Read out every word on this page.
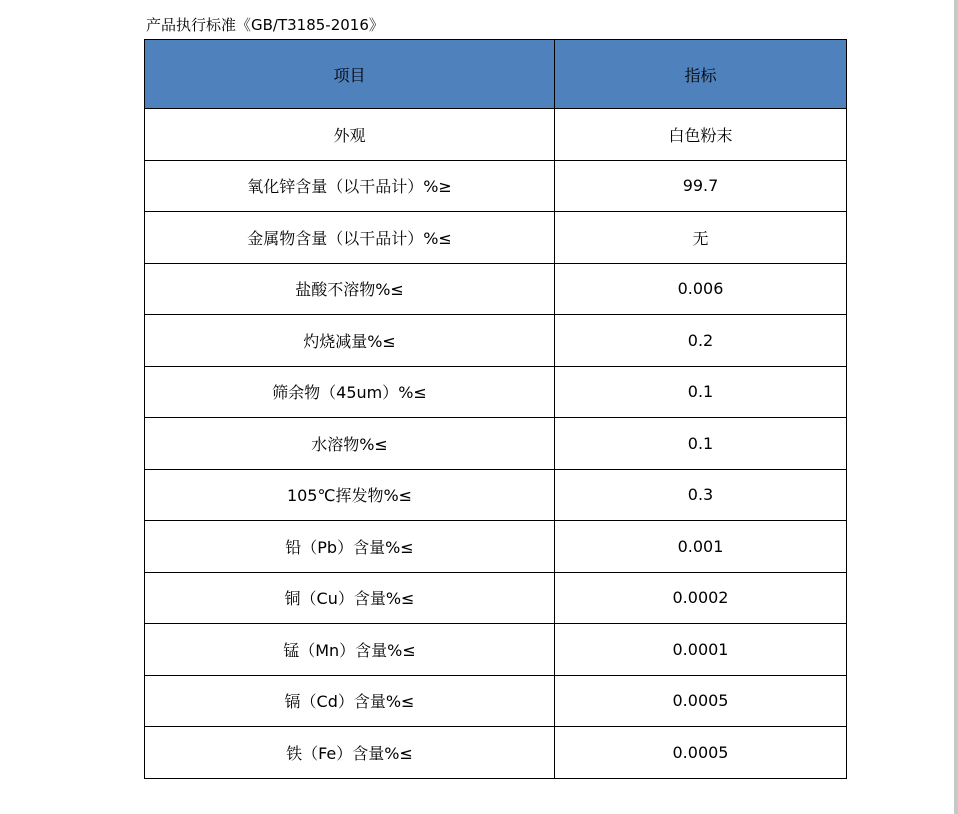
产品执行标准《GB/T3185-2016》
项目	指标
外观	白色粉末
氧化锌含量（以干品计）%≥	99.7
金属物含量（以干品计）%≤	无
盐酸不溶物%≤	0.006
灼烧减量%≤	0.2
筛余物（45um）%≤	0.1
水溶物%≤	0.1
105℃挥发物%≤	0.3
铅（Pb）含量%≤	0.001
铜（Cu）含量%≤	0.0002
锰（Mn）含量%≤	0.0001
镉（Cd）含量%≤	0.0005
铁（Fe）含量%≤	0.0005
